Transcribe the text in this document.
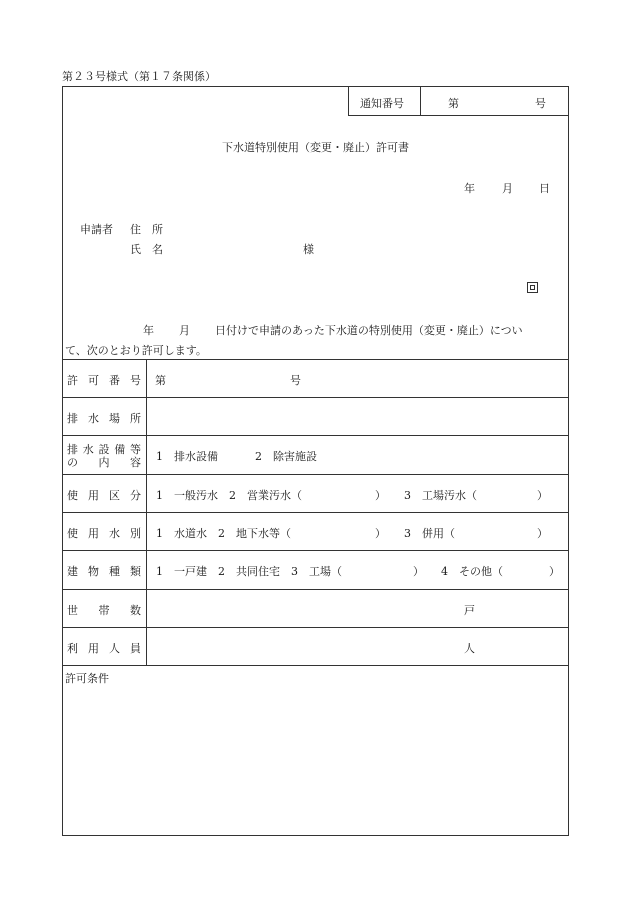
第２３号様式（第１７条関係）
通知番号	第	号
下水道特別使用（変更・廃止）許可書
年 月 日
申請者 住　所
氏　名	様
年 月 日付けで申請のあった下水道の特別使用（変更・廃止）につい
て、次のとおり許可します。
許可番号 第	号
排水場所
排水設備等
の　内　容 1　排水設備	2　除害施設
使用区分 1　一般汚水　2　営業汚水（	） 3　工場汚水（	）
使用水別 1　水道水　2　地下水等（	） 3　併用（	）
建物種類 1　一戸建　2　共同住宅　3　工場（	） 4　その他（	）
世帯数	戸
利用人員	人
許可条件
